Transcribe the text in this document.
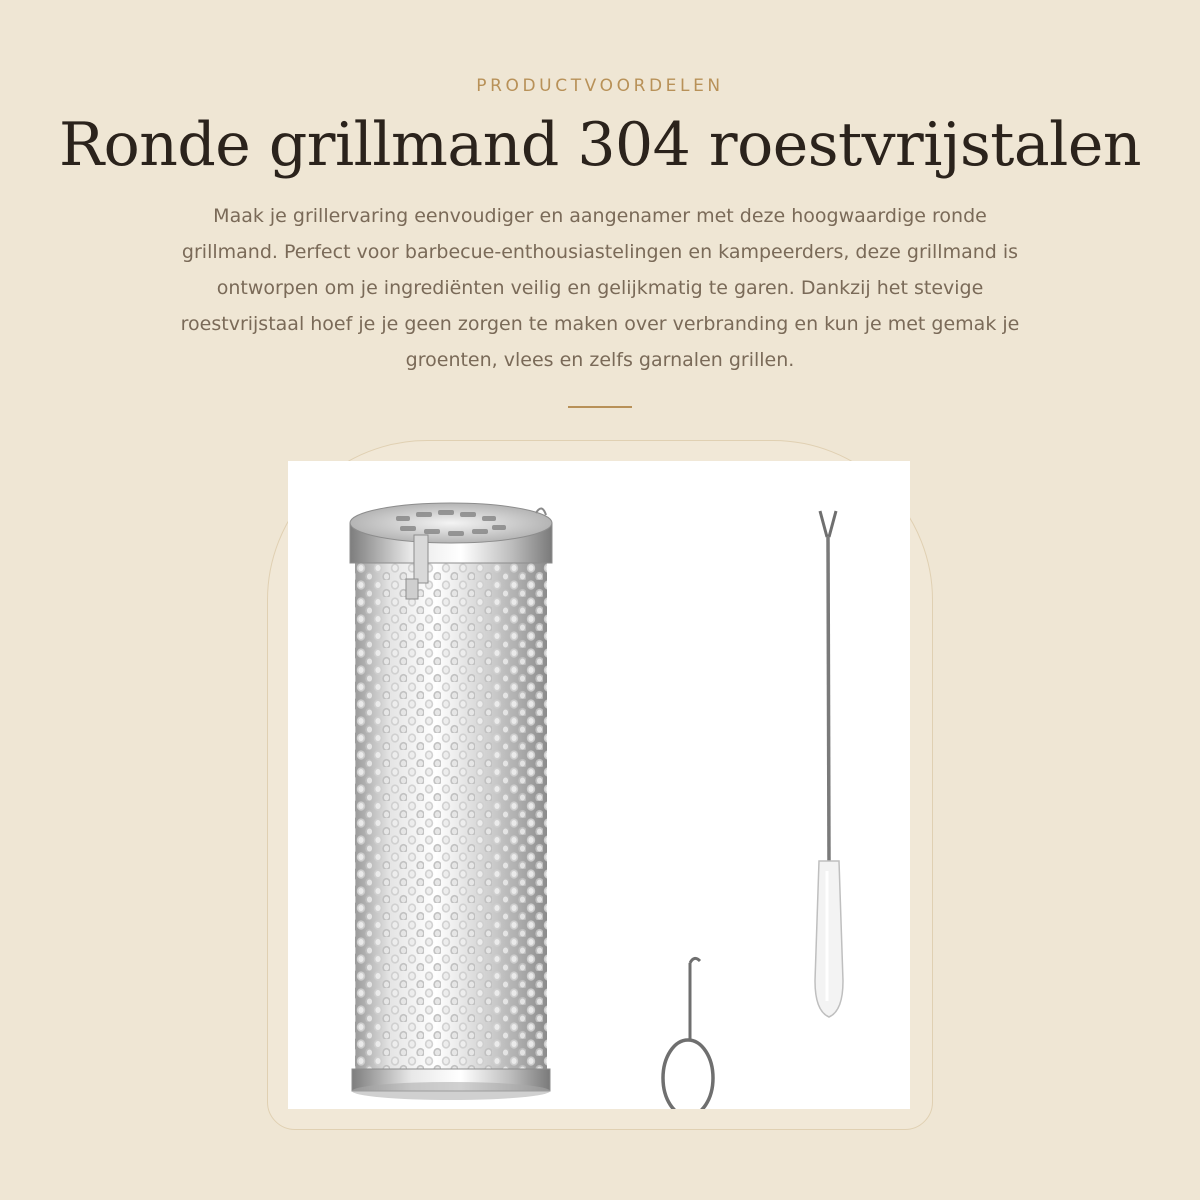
PRODUCTVOORDELEN
Ronde grillmand 304 roestvrijstalen

Maak je grillervaring eenvoudiger en aangenamer met deze hoogwaardige ronde grillmand. Perfect voor barbecue-enthousiastelingen en kampeerders, deze grillmand is ontworpen om je ingrediënten veilig en gelijkmatig te garen. Dankzij het stevige roestvrijstaal hoef je je geen zorgen te maken over verbranding en kun je met gemak je groenten, vlees en zelfs garnalen grillen.
